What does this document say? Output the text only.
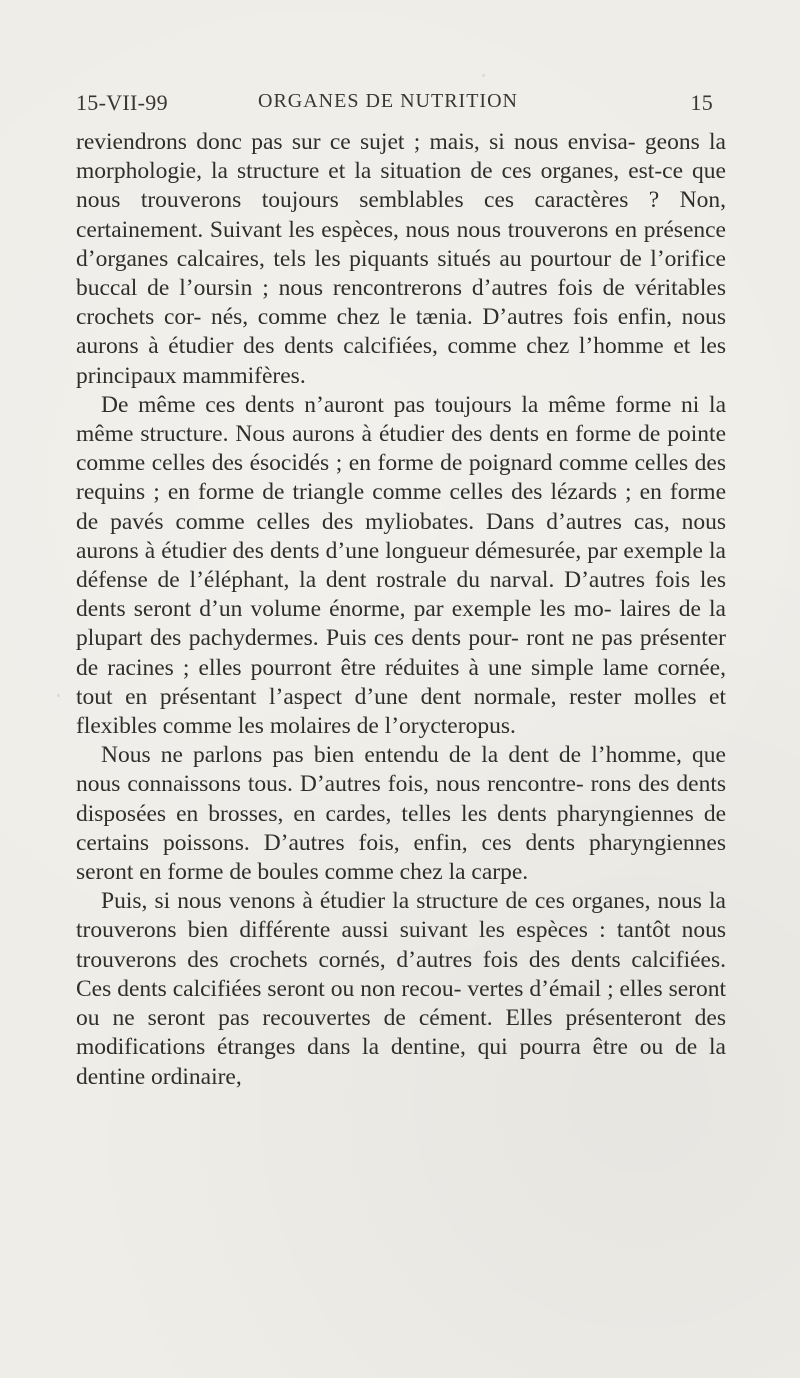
15-VII-99	ORGANES DE NUTRITION	15

reviendrons donc pas sur ce sujet ; mais, si nous envisa- geons la morphologie, la structure et la situation de ces organes, est-ce que nous trouverons toujours semblables ces caractères ? Non, certainement. Suivant les espèces, nous nous trouverons en présence d’organes calcaires, tels les piquants situés au pourtour de l’orifice buccal de l’oursin ; nous rencontrerons d’autres fois de véritables crochets cor- nés, comme chez le tænia. D’autres fois enfin, nous aurons à étudier des dents calcifiées, comme chez l’homme et les principaux mammifères.

De même ces dents n’auront pas toujours la même forme ni la même structure. Nous aurons à étudier des dents en forme de pointe comme celles des ésocidés ; en forme de poignard comme celles des requins ; en forme de triangle comme celles des lézards ; en forme de pavés comme celles des myliobates. Dans d’autres cas, nous aurons à étudier des dents d’une longueur démesurée, par exemple la défense de l’éléphant, la dent rostrale du narval. D’autres fois les dents seront d’un volume énorme, par exemple les mo- laires de la plupart des pachydermes. Puis ces dents pour- ront ne pas présenter de racines ; elles pourront être réduites à une simple lame cornée, tout en présentant l’aspect d’une dent normale, rester molles et flexibles comme les molaires de l’orycteropus.

Nous ne parlons pas bien entendu de la dent de l’homme, que nous connaissons tous. D’autres fois, nous rencontre- rons des dents disposées en brosses, en cardes, telles les dents pharyngiennes de certains poissons. D’autres fois, enfin, ces dents pharyngiennes seront en forme de boules comme chez la carpe.

Puis, si nous venons à étudier la structure de ces organes, nous la trouverons bien différente aussi suivant les espèces : tantôt nous trouverons des crochets cornés, d’autres fois des dents calcifiées. Ces dents calcifiées seront ou non recou- vertes d’émail ; elles seront ou ne seront pas recouvertes de cément. Elles présenteront des modifications étranges dans la dentine, qui pourra être ou de la dentine ordinaire,
